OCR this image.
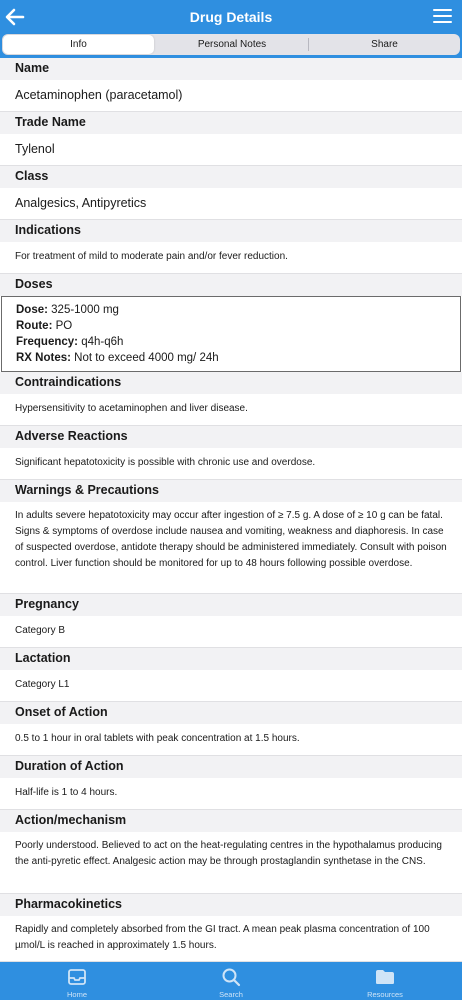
Drug Details
Info	Personal Notes	Share
Name
Acetaminophen (paracetamol)
Trade Name
Tylenol
Class
Analgesics, Antipyretics
Indications
For treatment of mild to moderate pain and/or fever reduction.
Doses
Dose: 325-1000 mg
Route: PO
Frequency: q4h-q6h
RX Notes: Not to exceed 4000 mg/ 24h
Contraindications
Hypersensitivity to acetaminophen and liver disease.
Adverse Reactions
Significant hepatotoxicity is possible with chronic use and overdose.
Warnings & Precautions
In adults severe hepatotoxicity may occur after ingestion of ≥ 7.5 g. A dose of ≥ 10 g can be fatal. Signs & symptoms of overdose include nausea and vomiting, weakness and diaphoresis. In case of suspected overdose, antidote therapy should be administered immediately. Consult with poison control. Liver function should be monitored for up to 48 hours following possible overdose.
Pregnancy
Category B
Lactation
Category L1
Onset of Action
0.5 to 1 hour in oral tablets with peak concentration at 1.5 hours.
Duration of Action
Half-life is 1 to 4 hours.
Action/mechanism
Poorly understood. Believed to act on the heat-regulating centres in the hypothalamus producing the anti-pyretic effect. Analgesic action may be through prostaglandin synthetase in the CNS.
Pharmacokinetics
Rapidly and completely absorbed from the GI tract. A mean peak plasma concentration of 100 µmol/L is reached in approximately 1.5 hours.
Home	Search	Resources
